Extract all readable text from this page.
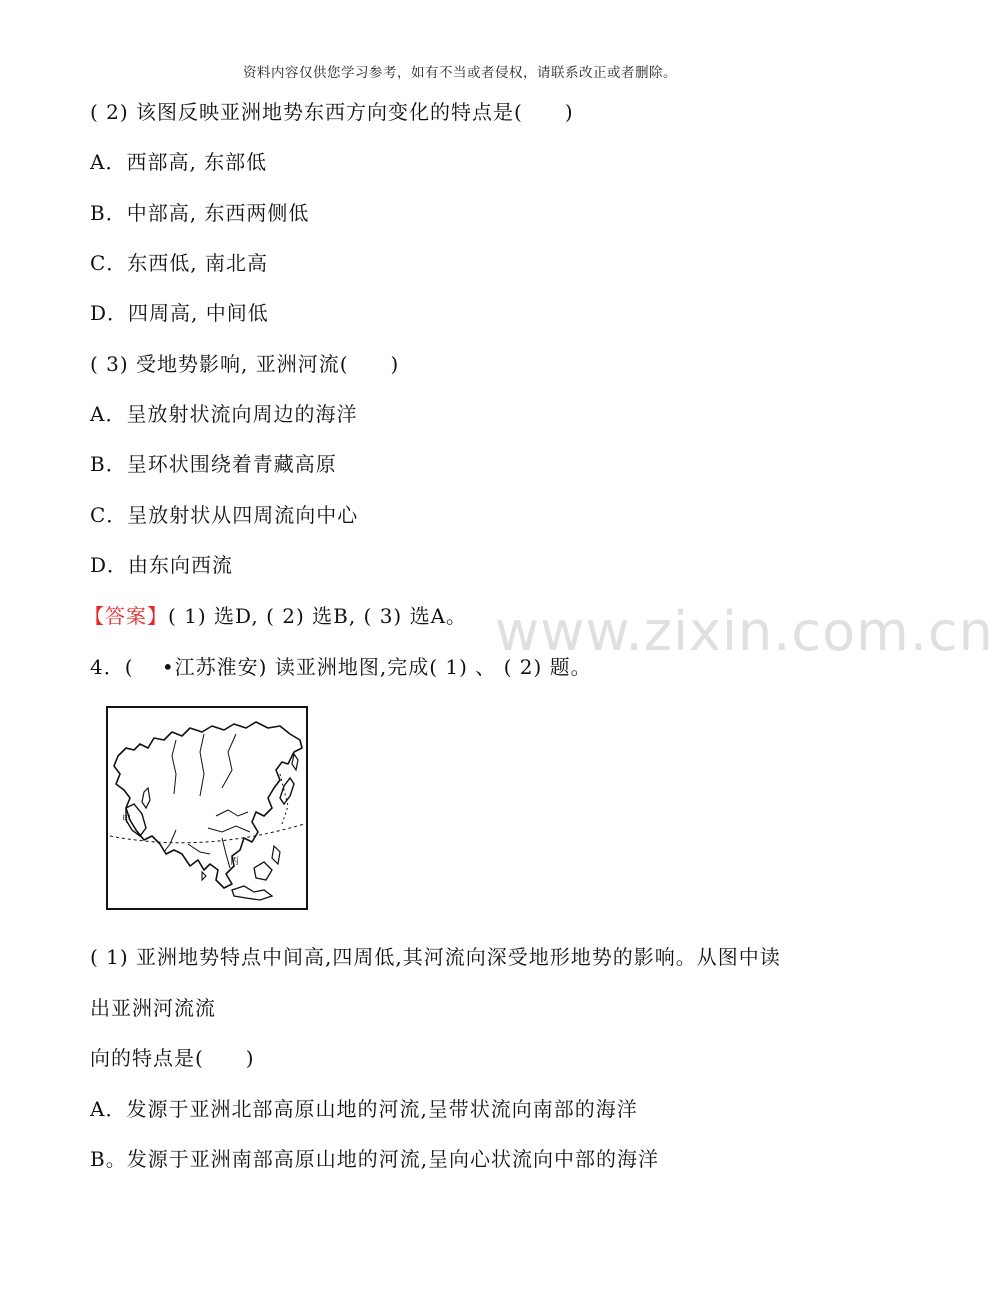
资料内容仅供您学习参考，如有不当或者侵权，请联系改正或者删除。
( 2) 该图反映亚洲地势东西方向变化的特点是(　　)
A．西部高, 东部低
B．中部高, 东西两侧低
C．东西低, 南北高
D．四周高, 中间低
( 3) 受地势影响, 亚洲河流(　　)
A．呈放射状流向周边的海洋
B．呈环状围绕着青藏高原
C．呈放射状从四周流向中心
D．由东向西流
www.zixin.com.cn
【答案】( 1) 选D, ( 2) 选B, ( 3) 选A。
4．(　 •江苏淮安) 读亚洲地图,完成( 1) 、 ( 2) 题。
甲
丙
( 1) 亚洲地势特点中间高,四周低,其河流向深受地形地势的影响。从图中读
出亚洲河流流
向的特点是(　　)
A．发源于亚洲北部高原山地的河流,呈带状流向南部的海洋
B。发源于亚洲南部高原山地的河流,呈向心状流向中部的海洋
